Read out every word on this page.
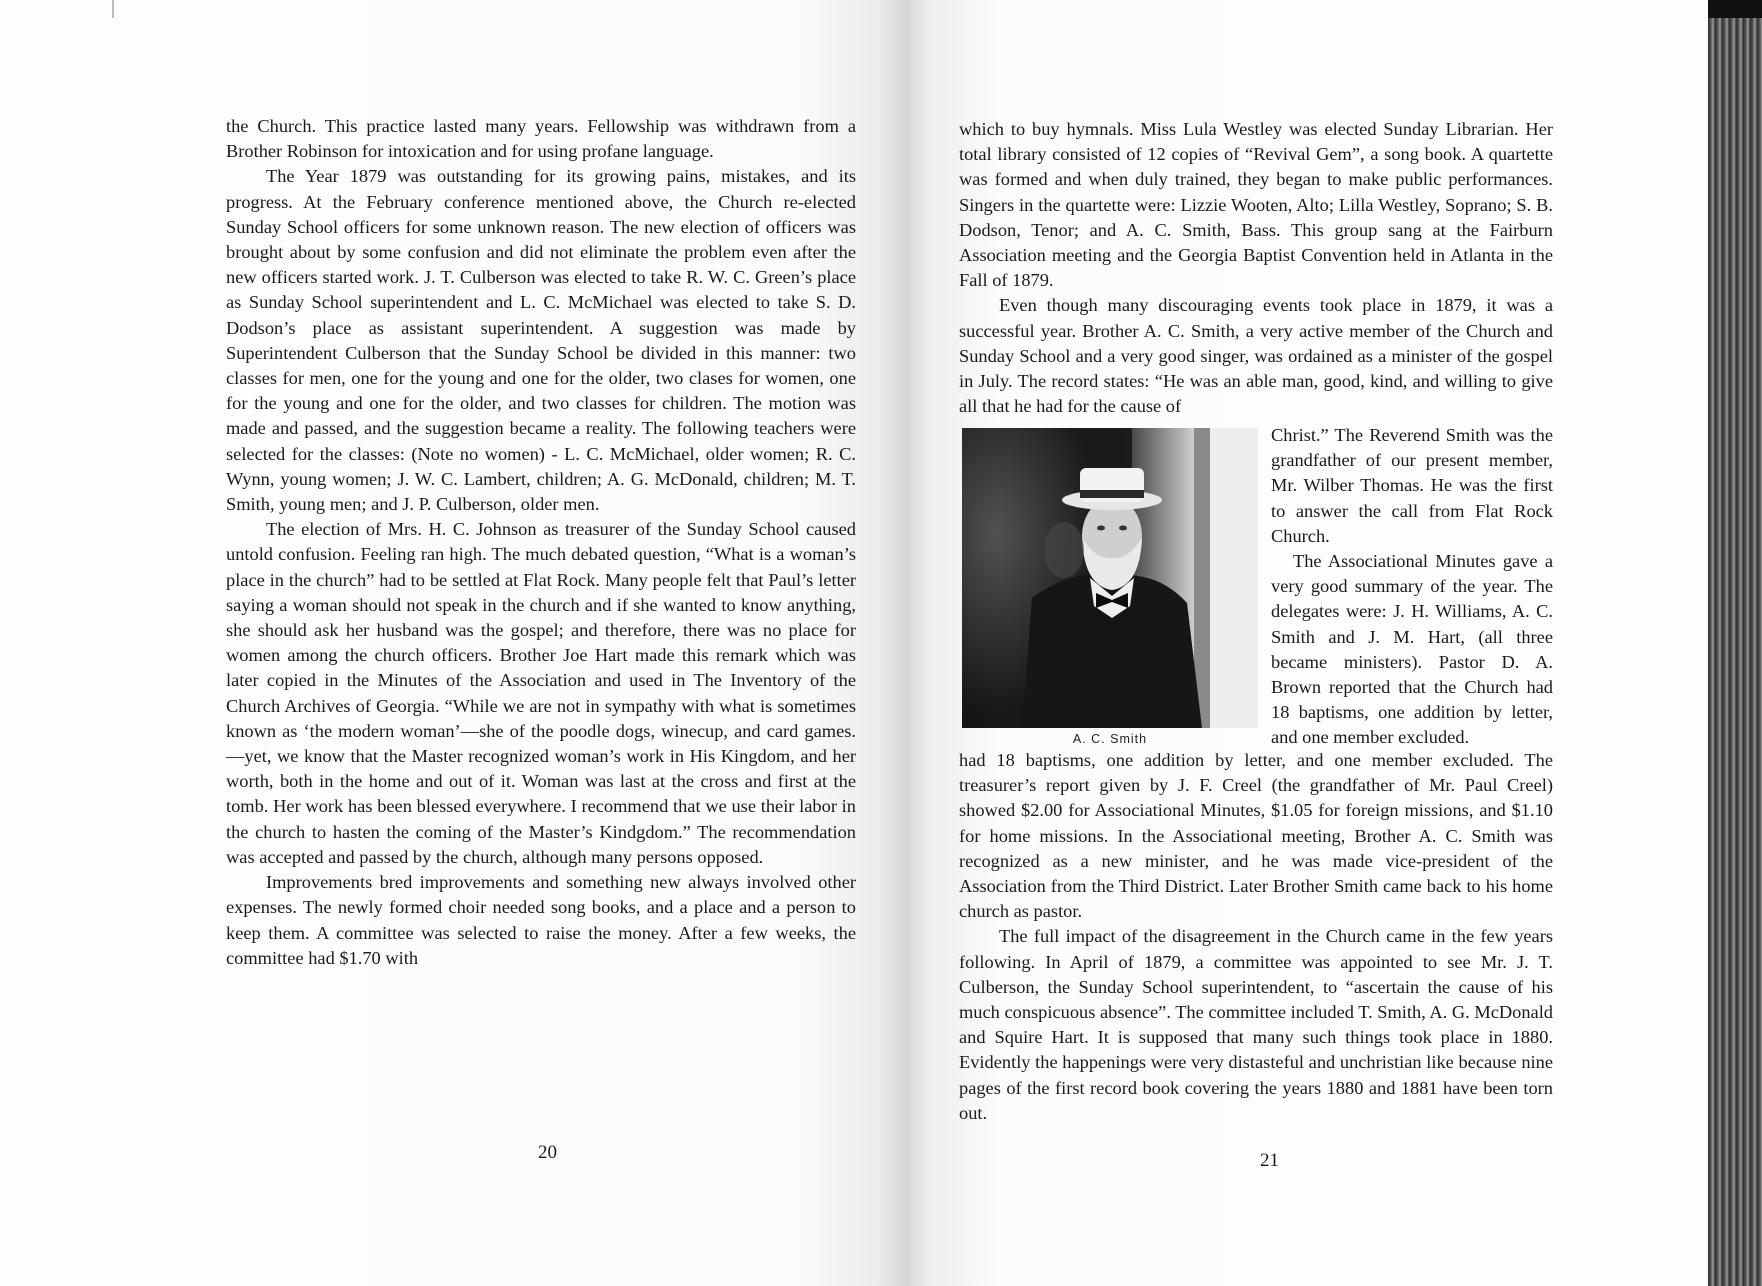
the Church. This practice lasted many years. Fellowship was withdrawn from a Brother Robinson for intoxication and for using profane language.

The Year 1879 was outstanding for its growing pains, mistakes, and its progress. At the February conference mentioned above, the Church re-elected Sunday School officers for some unknown reason. The new election of officers was brought about by some confusion and did not eliminate the problem even after the new officers started work. J. T. Culberson was elected to take R. W. C. Green’s place as Sunday School superintendent and L. C. McMichael was elected to take S. D. Dodson’s place as assistant superintendent. A suggestion was made by Superintendent Culberson that the Sunday School be divided in this manner: two classes for men, one for the young and one for the older, two clases for women, one for the young and one for the older, and two classes for children. The motion was made and passed, and the suggestion became a reality. The following teachers were selected for the classes: (Note no women) - L. C. McMichael, older women; R. C. Wynn, young women; J. W. C. Lambert, children; A. G. McDonald, children; M. T. Smith, young men; and J. P. Culberson, older men.

The election of Mrs. H. C. Johnson as treasurer of the Sunday School caused untold confusion. Feeling ran high. The much debated question, “What is a woman’s place in the church” had to be settled at Flat Rock. Many people felt that Paul’s letter saying a woman should not speak in the church and if she wanted to know anything, she should ask her husband was the gospel; and therefore, there was no place for women among the church officers. Brother Joe Hart made this remark which was later copied in the Minutes of the Association and used in The Inventory of the Church Archives of Georgia. “While we are not in sympathy with what is sometimes known as ‘the modern woman’—she of the poodle dogs, winecup, and card games.—yet, we know that the Master recognized woman’s work in His Kingdom, and her worth, both in the home and out of it. Woman was last at the cross and first at the tomb. Her work has been blessed everywhere. I recommend that we use their labor in the church to hasten the coming of the Master’s Kindgdom.” The recommendation was accepted and passed by the church, although many persons opposed.

Improvements bred improvements and something new always involved other expenses. The newly formed choir needed song books, and a place and a person to keep them. A committee was selected to raise the money. After a few weeks, the committee had $1.70 with

20

which to buy hymnals. Miss Lula Westley was elected Sunday Librarian. Her total library consisted of 12 copies of “Revival Gem”, a song book. A quartette was formed and when duly trained, they began to make public performances. Singers in the quartette were: Lizzie Wooten, Alto; Lilla Westley, Soprano; S. B. Dodson, Tenor; and A. C. Smith, Bass. This group sang at the Fairburn Association meeting and the Georgia Baptist Convention held in Atlanta in the Fall of 1879.

Even though many discouraging events took place in 1879, it was a successful year. Brother A. C. Smith, a very active member of the Church and Sunday School and a very good singer, was ordained as a minister of the gospel in July. The record states: “He was an able man, good, kind, and willing to give all that he had for the cause of

A. C. Smith

Christ.” The Reverend Smith was the grandfather of our present member, Mr. Wilber Thomas. He was the first to answer the call from Flat Rock Church.

The Associational Minutes gave a very good summary of the year. The delegates were: J. H. Williams, A. C. Smith and J. M. Hart, (all three became ministers). Pastor D. A. Brown reported that the Church had 18 baptisms, one addition by letter, and one member excluded.

had 18 baptisms, one addition by letter, and one member excluded. The treasurer’s report given by J. F. Creel (the grandfather of Mr. Paul Creel) showed $2.00 for Associational Minutes, $1.05 for foreign missions, and $1.10 for home missions. In the Associational meeting, Brother A. C. Smith was recognized as a new minister, and he was made vice-president of the Association from the Third District. Later Brother Smith came back to his home church as pastor.

The full impact of the disagreement in the Church came in the few years following. In April of 1879, a committee was appointed to see Mr. J. T. Culberson, the Sunday School superintendent, to “ascertain the cause of his much conspicuous absence”. The committee included T. Smith, A. G. McDonald and Squire Hart. It is supposed that many such things took place in 1880. Evidently the happenings were very distasteful and unchristian like because nine pages of the first record book covering the years 1880 and 1881 have been torn out.

21
